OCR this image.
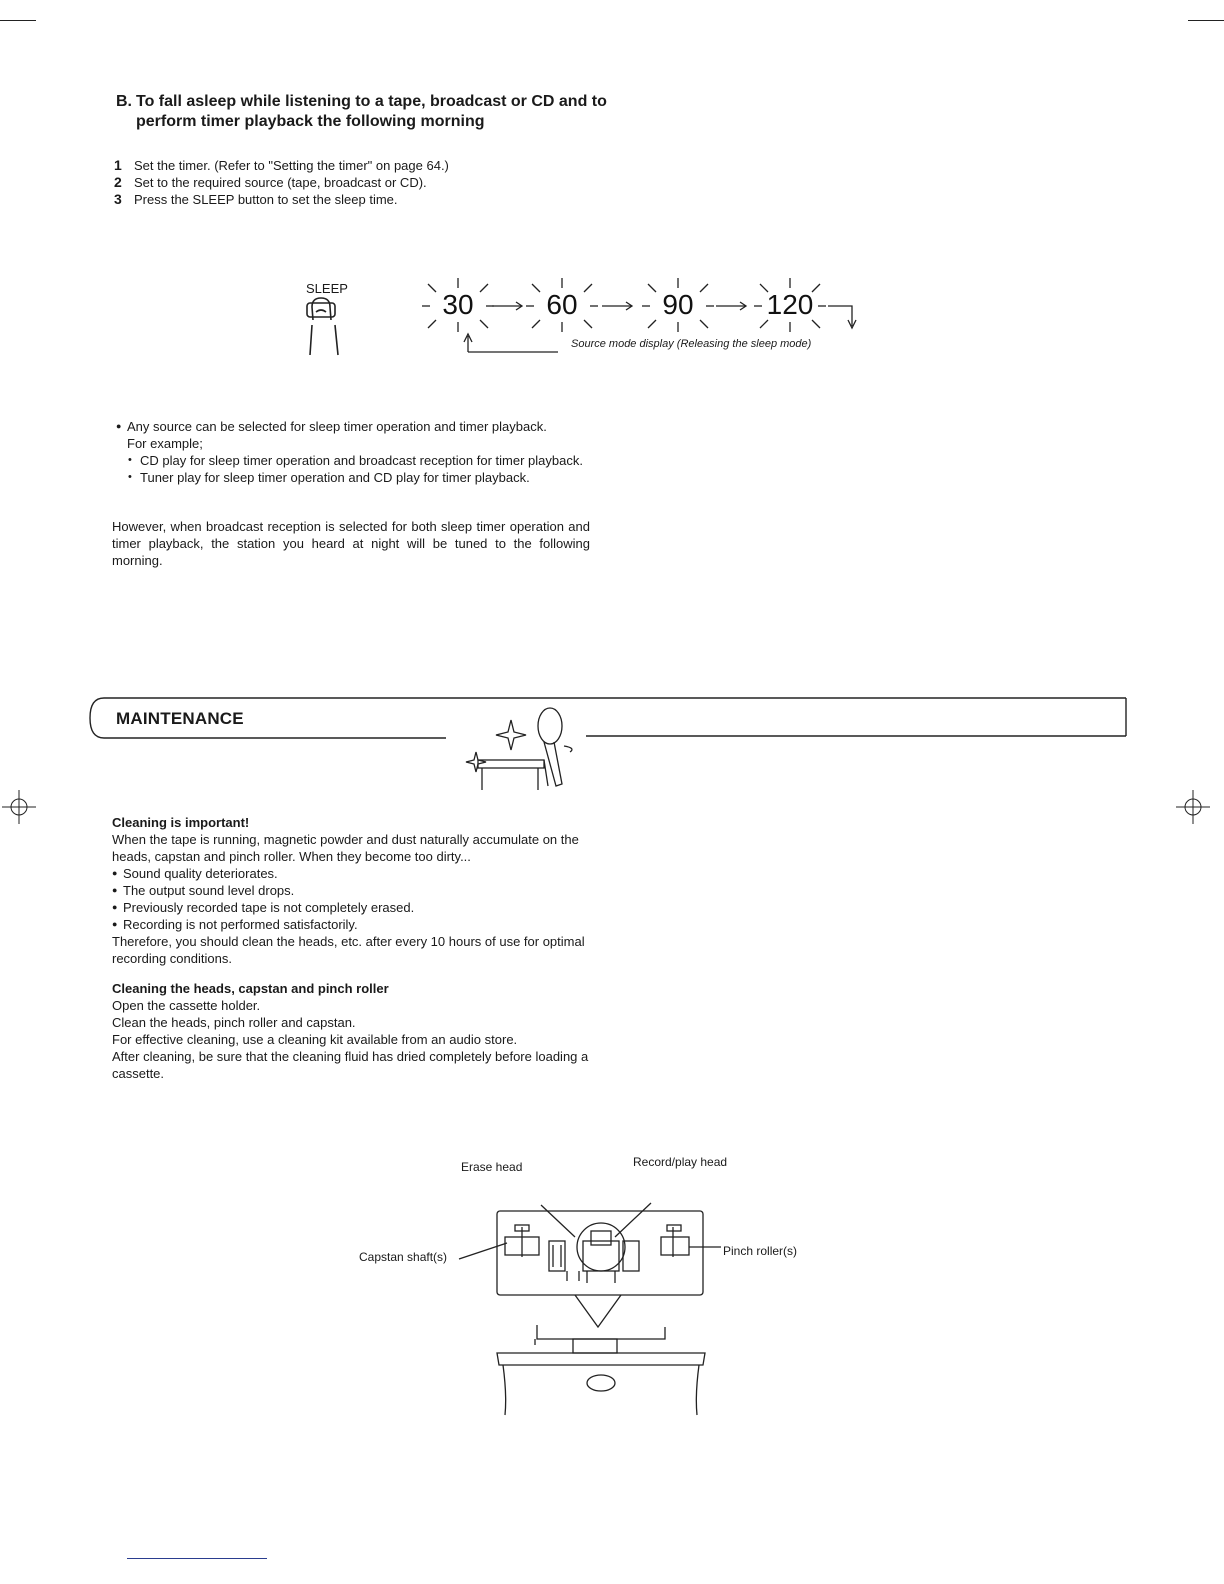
B. To fall asleep while listening to a tape, broadcast or CD and to perform timer playback the following morning
1 Set the timer. (Refer to "Setting the timer" on page 64.)
2 Set to the required source (tape, broadcast or CD).
3 Press the SLEEP button to set the sleep time.
SLEEP
30	60	90	120
Source mode display (Releasing the sleep mode)
● Any source can be selected for sleep timer operation and timer playback.
For example;
• CD play for sleep timer operation and broadcast reception for timer playback.
• Tuner play for sleep timer operation and CD play for timer playback.
However, when broadcast reception is selected for both sleep timer operation and timer playback, the station you heard at night will be tuned to the following morning.
MAINTENANCE
Cleaning is important!
When the tape is running, magnetic powder and dust naturally accumulate on the heads, capstan and pinch roller. When they become too dirty...
● Sound quality deteriorates.
● The output sound level drops.
● Previously recorded tape is not completely erased.
● Recording is not performed satisfactorily.
Therefore, you should clean the heads, etc. after every 10 hours of use for optimal recording conditions.
Cleaning the heads, capstan and pinch roller
Open the cassette holder.
Clean the heads, pinch roller and capstan.
For effective cleaning, use a cleaning kit available from an audio store.
After cleaning, be sure that the cleaning fluid has dried completely before loading a cassette.
Erase head	Record/play head
Capstan shaft(s)	Pinch roller(s)
